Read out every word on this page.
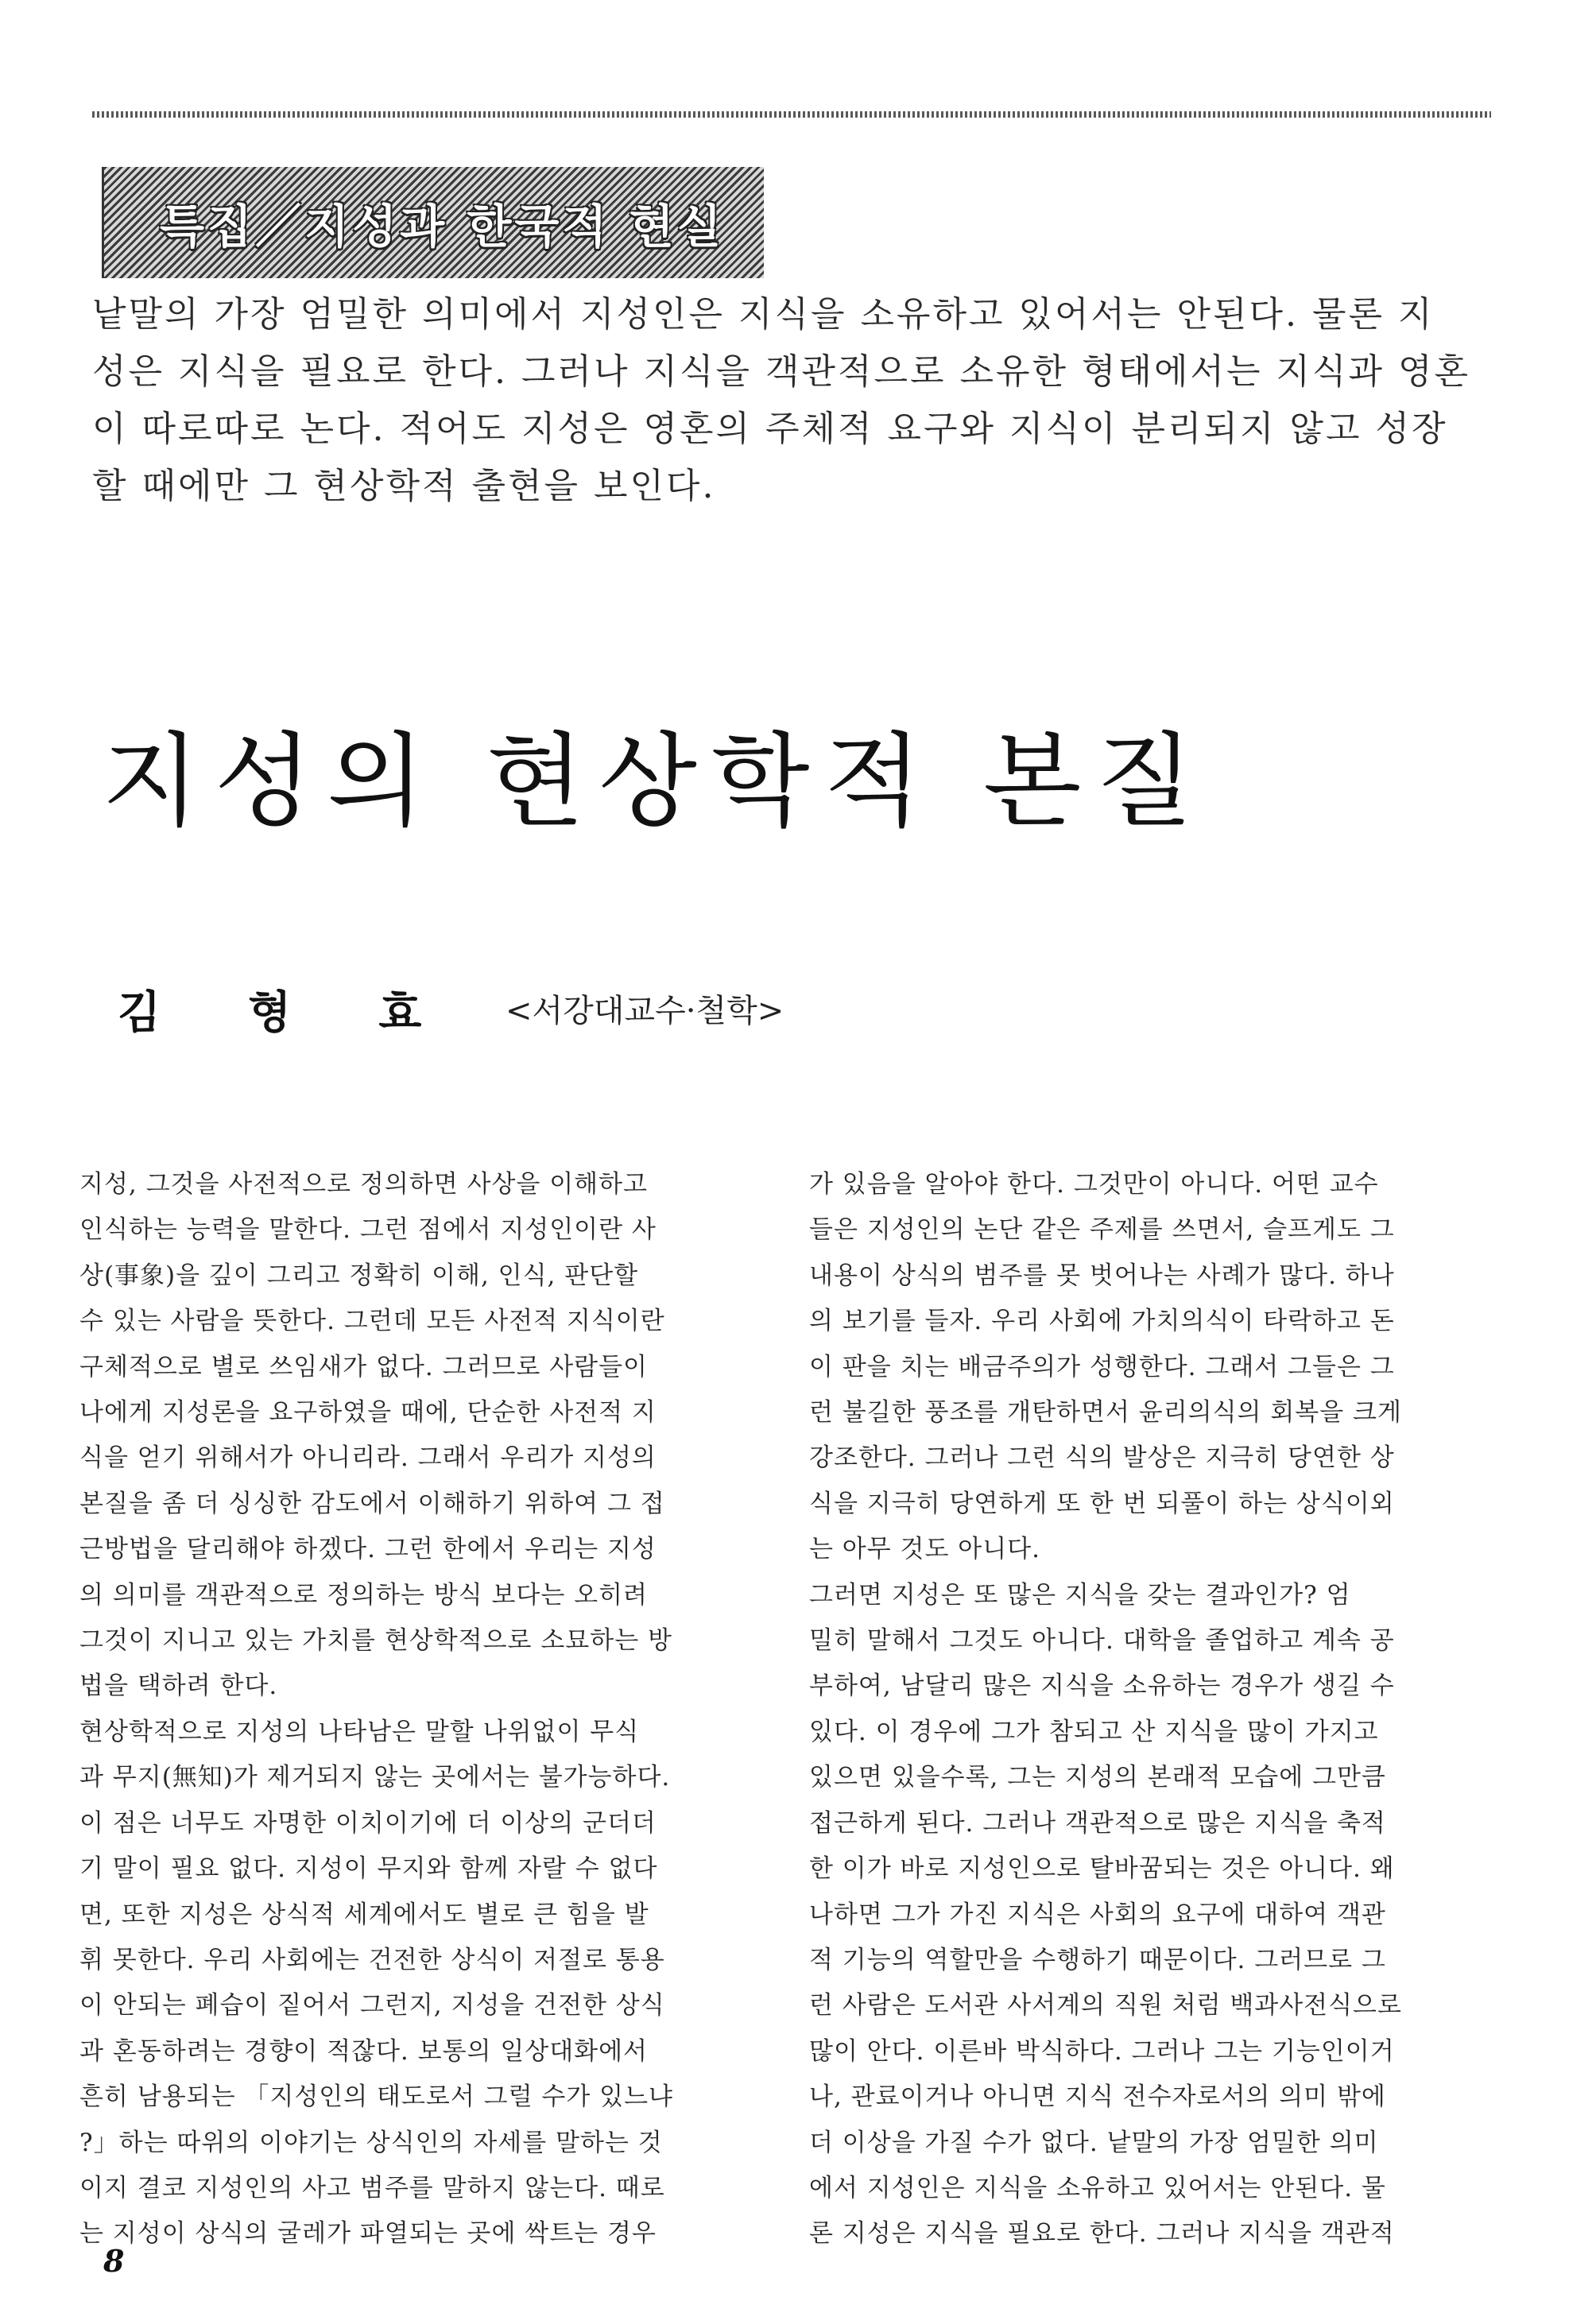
특집／지성과 한국적 현실
낱말의 가장 엄밀한 의미에서 지성인은 지식을 소유하고 있어서는 안된다. 물론 지
성은 지식을 필요로 한다. 그러나 지식을 객관적으로 소유한 형태에서는 지식과 영혼
이 따로따로 논다. 적어도 지성은 영혼의 주체적 요구와 지식이 분리되지 않고 성장
할 때에만 그 현상학적 출현을 보인다.
지성의 현상학적 본질
김형효
<서강대교수·철학>
지성, 그것을 사전적으로 정의하면 사상을 이해하고
인식하는 능력을 말한다. 그런 점에서 지성인이란 사
상(事象)을 깊이 그리고 정확히 이해, 인식, 판단할
수 있는 사람을 뜻한다. 그런데 모든 사전적 지식이란
구체적으로 별로 쓰임새가 없다. 그러므로 사람들이
나에게 지성론을 요구하였을 때에, 단순한 사전적 지
식을 얻기 위해서가 아니리라. 그래서 우리가 지성의
본질을 좀 더 싱싱한 감도에서 이해하기 위하여 그 접
근방법을 달리해야 하겠다. 그런 한에서 우리는 지성
의 의미를 객관적으로 정의하는 방식 보다는 오히려
그것이 지니고 있는 가치를 현상학적으로 소묘하는 방
법을 택하려 한다.
현상학적으로 지성의 나타남은 말할 나위없이 무식
과 무지(無知)가 제거되지 않는 곳에서는 불가능하다.
이 점은 너무도 자명한 이치이기에 더 이상의 군더더
기 말이 필요 없다. 지성이 무지와 함께 자랄 수 없다
면, 또한 지성은 상식적 세계에서도 별로 큰 힘을 발
휘 못한다. 우리 사회에는 건전한 상식이 저절로 통용
이 안되는 폐습이 짙어서 그런지, 지성을 건전한 상식
과 혼동하려는 경향이 적잖다. 보통의 일상대화에서
흔히 남용되는 「지성인의 태도로서 그럴 수가 있느냐
?」하는 따위의 이야기는 상식인의 자세를 말하는 것
이지 결코 지성인의 사고 범주를 말하지 않는다. 때로
는 지성이 상식의 굴레가 파열되는 곳에 싹트는 경우
가 있음을 알아야 한다. 그것만이 아니다. 어떤 교수
들은 지성인의 논단 같은 주제를 쓰면서, 슬프게도 그
내용이 상식의 범주를 못 벗어나는 사례가 많다. 하나
의 보기를 들자. 우리 사회에 가치의식이 타락하고 돈
이 판을 치는 배금주의가 성행한다. 그래서 그들은 그
런 불길한 풍조를 개탄하면서 윤리의식의 회복을 크게
강조한다. 그러나 그런 식의 발상은 지극히 당연한 상
식을 지극히 당연하게 또 한 번 되풀이 하는 상식이외
는 아무 것도 아니다.
그러면 지성은 또 많은 지식을 갖는 결과인가? 엄
밀히 말해서 그것도 아니다. 대학을 졸업하고 계속 공
부하여, 남달리 많은 지식을 소유하는 경우가 생길 수
있다. 이 경우에 그가 참되고 산 지식을 많이 가지고
있으면 있을수록, 그는 지성의 본래적 모습에 그만큼
접근하게 된다. 그러나 객관적으로 많은 지식을 축적
한 이가 바로 지성인으로 탈바꿈되는 것은 아니다. 왜
나하면 그가 가진 지식은 사회의 요구에 대하여 객관
적 기능의 역할만을 수행하기 때문이다. 그러므로 그
런 사람은 도서관 사서계의 직원 처럼 백과사전식으로
많이 안다. 이른바 박식하다. 그러나 그는 기능인이거
나, 관료이거나 아니면 지식 전수자로서의 의미 밖에
더 이상을 가질 수가 없다. 낱말의 가장 엄밀한 의미
에서 지성인은 지식을 소유하고 있어서는 안된다. 물
론 지성은 지식을 필요로 한다. 그러나 지식을 객관적
8
